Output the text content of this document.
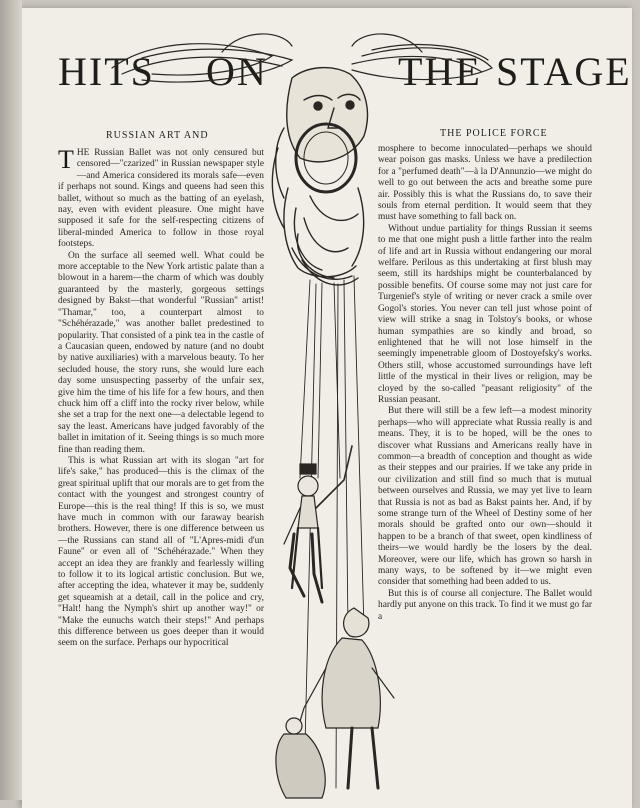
HITS ON	THE STAGE
RUSSIAN ART AND	THE POLICE FORCE

THE Russian Ballet was not only censured but censored—"czarized" in Russian newspaper style—and America considered its morals safe—even if perhaps not sound. Kings and queens had seen this ballet, without so much as the batting of an eyelash, nay, even with evident pleasure. One might have supposed it safe for the self-respecting citizens of liberal-minded America to follow in those royal footsteps.

On the surface all seemed well. What could be more acceptable to the New York artistic palate than a blowout in a harem—the charm of which was doubly guaranteed by the masterly, gorgeous settings designed by Bakst—that wonderful "Russian" artist! "Thamar," too, a counterpart almost to "Schéhérazade," was another ballet predestined to popularity. That consisted of a pink tea in the castle of a Caucasian queen, endowed by nature (and no doubt by native auxiliaries) with a marvelous beauty. To her secluded house, the story runs, she would lure each day some unsuspecting passerby of the unfair sex, give him the time of his life for a few hours, and then chuck him off a cliff into the rocky river below, while she set a trap for the next one—a delectable legend to say the least. Americans have judged favorably of the ballet in imitation of it. Seeing things is so much more fine than reading them.

This is what Russian art with its slogan "art for life's sake," has produced—this is the climax of the great spiritual uplift that our morals are to get from the contact with the youngest and strongest country of Europe—this is the real thing! If this is so, we must have much in common with our faraway bearish brothers. However, there is one difference between us—the Russians can stand all of "L'Apres-midi d'un Faune" or even all of "Schéhérazade." When they accept an idea they are frankly and fearlessly willing to follow it to its logical artistic conclusion. But we, after accepting the idea, whatever it may be, suddenly get squeamish at a detail, call in the police and cry, "Halt! hang the Nymph's shirt up another way!" or "Make the eunuchs watch their steps!" And perhaps this difference between us goes deeper than it would seem on the surface. Perhaps our hypocritical

mosphere to become innoculated—perhaps we should wear poison gas masks. Unless we have a predilection for a "perfumed death"—à la D'Annunzio—we might do well to go out between the acts and breathe some pure air. Possibly this is what the Russians do, to save their souls from eternal perdition. It would seem that they must have something to fall back on.

Without undue partiality for things Russian it seems to me that one might push a little farther into the realm of life and art in Russia without endangering our moral welfare. Perilous as this undertaking at first blush may seem, still its hardships might be counterbalanced by possible benefits. Of course some may not just care for Turgenief's style of writing or never crack a smile over Gogol's stories. You never can tell just whose point of view will strike a snag in Tolstoy's books, or whose human sympathies are so kindly and broad, so enlightened that he will not lose himself in the seemingly impenetrable gloom of Dostoyefsky's works. Others still, whose accustomed surroundings have left little of the mystical in their lives or religion, may be cloyed by the so-called "peasant religiosity" of the Russian peasant.

But there will still be a few left—a modest minority perhaps—who will appreciate what Russia really is and means. They, it is to be hoped, will be the ones to discover what Russians and Americans really have in common—a breadth of conception and thought as wide as their steppes and our prairies. If we take any pride in our civilization and still find so much that is mutual between ourselves and Russia, we may yet live to learn that Russia is not as bad as Bakst paints her. And, if by some strange turn of the Wheel of Destiny some of her morals should be grafted onto our own—should it happen to be a branch of that sweet, open kindliness of theirs—we would hardly be the losers by the deal. Moreover, were our life, which has grown so harsh in many ways, to be softened by it—we might even consider that something had been added to us.

But this is of course all conjecture. The Ballet would hardly put anyone on this track. To find it we must go far a
